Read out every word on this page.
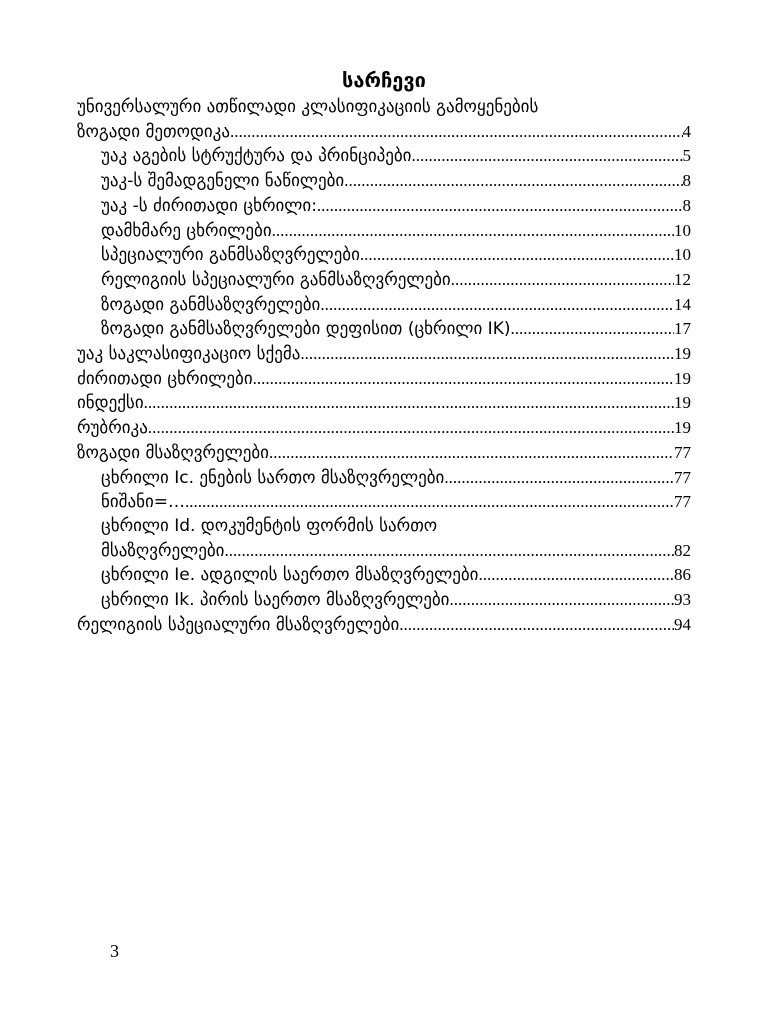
სარჩევი
უნივერსალური ათწილადი კლასიფიკაციის გამოყენების
ზოგადი მეთოდიკა .....	4
უაკ აგების სტრუქტურა და პრინციპები .....	5
უაკ-ს შემადგენელი ნაწილები .....	8
უაკ -ს ძირითადი ცხრილი: .....	8
დამხმარე ცხრილები .....	10
სპეციალური განმსაზღვრელები .....	10
რელიგიის სპეციალური განმსაზღვრელები .....	12
ზოგადი განმსაზღვრელები .....	14
ზოგადი განმსაზღვრელები დეფისით (ცხრილი IK) .....	17
უაკ საკლასიფიკაციო სქემა .....	19
ძირითადი ცხრილები .....	19
ინდექსი .....	19
რუბრიკა .....	19
ზოგადი მსაზღვრელები .....	77
ცხრილი Ic. ენების სართო მსაზღვრელები .....	77
ნიშანი=… .....	77
ცხრილი Id. დოკუმენტის ფორმის სართო
მსაზღვრელები .....	82
ცხრილი Ie. ადგილის საერთო მსაზღვრელები .....	86
ცხრილი Ik. პირის საერთო მსაზღვრელები .....	93
რელიგიის სპეციალური მსაზღვრელები .....	94
3
